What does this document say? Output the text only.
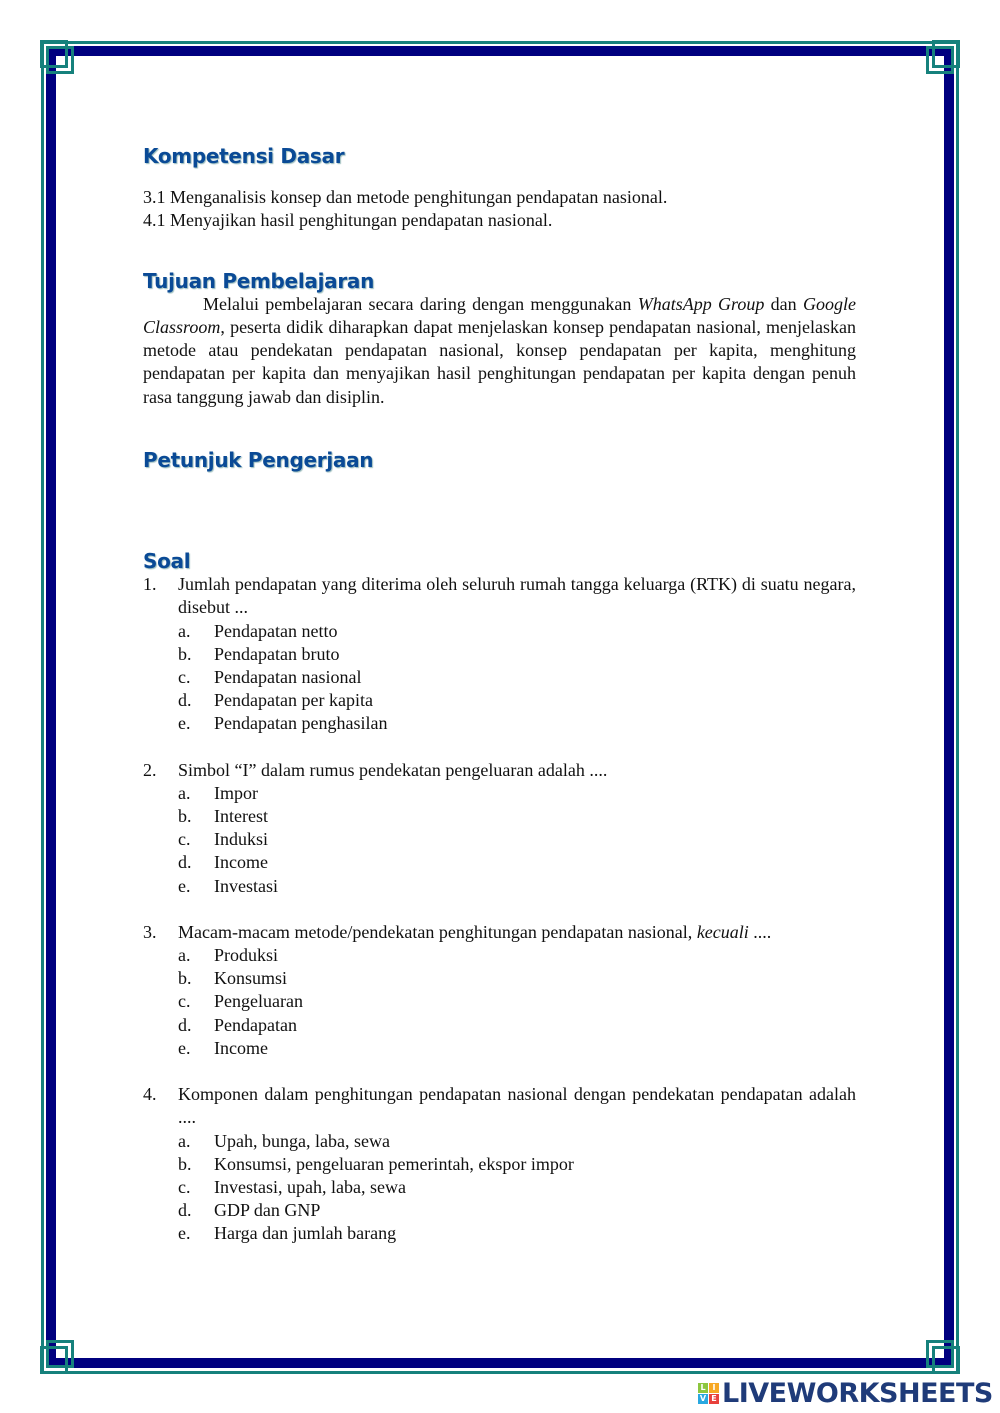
Kompetensi Dasar

3.1 Menganalisis konsep dan metode penghitungan pendapatan nasional.

4.1 Menyajikan hasil penghitungan pendapatan nasional.

Tujuan Pembelajaran

Melalui pembelajaran secara daring dengan menggunakan WhatsApp Group dan Google Classroom, peserta didik diharapkan dapat menjelaskan konsep pendapatan nasional, menjelaskan metode atau pendekatan pendapatan nasional, konsep pendapatan per kapita, menghitung pendapatan per kapita dan menyajikan hasil penghitungan pendapatan per kapita dengan penuh rasa tanggung jawab dan disiplin.

Petunjuk Pengerjaan
Soal
1. Jumlah pendapatan yang diterima oleh seluruh rumah tangga keluarga (RTK) di suatu negara, disebut ...
a. Pendapatan netto
b. Pendapatan bruto
c. Pendapatan nasional
d. Pendapatan per kapita
e. Pendapatan penghasilan
2. Simbol “I” dalam rumus pendekatan pengeluaran adalah ....
a. Impor
b. Interest
c. Induksi
d. Income
e. Investasi
3. Macam-macam metode/pendekatan penghitungan pendapatan nasional, kecuali ....
a. Produksi
b. Konsumsi
c. Pengeluaran
d. Pendapatan
e. Income
4. Komponen dalam penghitungan pendapatan nasional dengan pendekatan pendapatan adalah ....
a. Upah, bunga, laba, sewa
b. Konsumsi, pengeluaran pemerintah, ekspor impor
c. Investasi, upah, laba, sewa
d. GDP dan GNP
e. Harga dan jumlah barang
L I
V E LIVEWORKSHEETS
